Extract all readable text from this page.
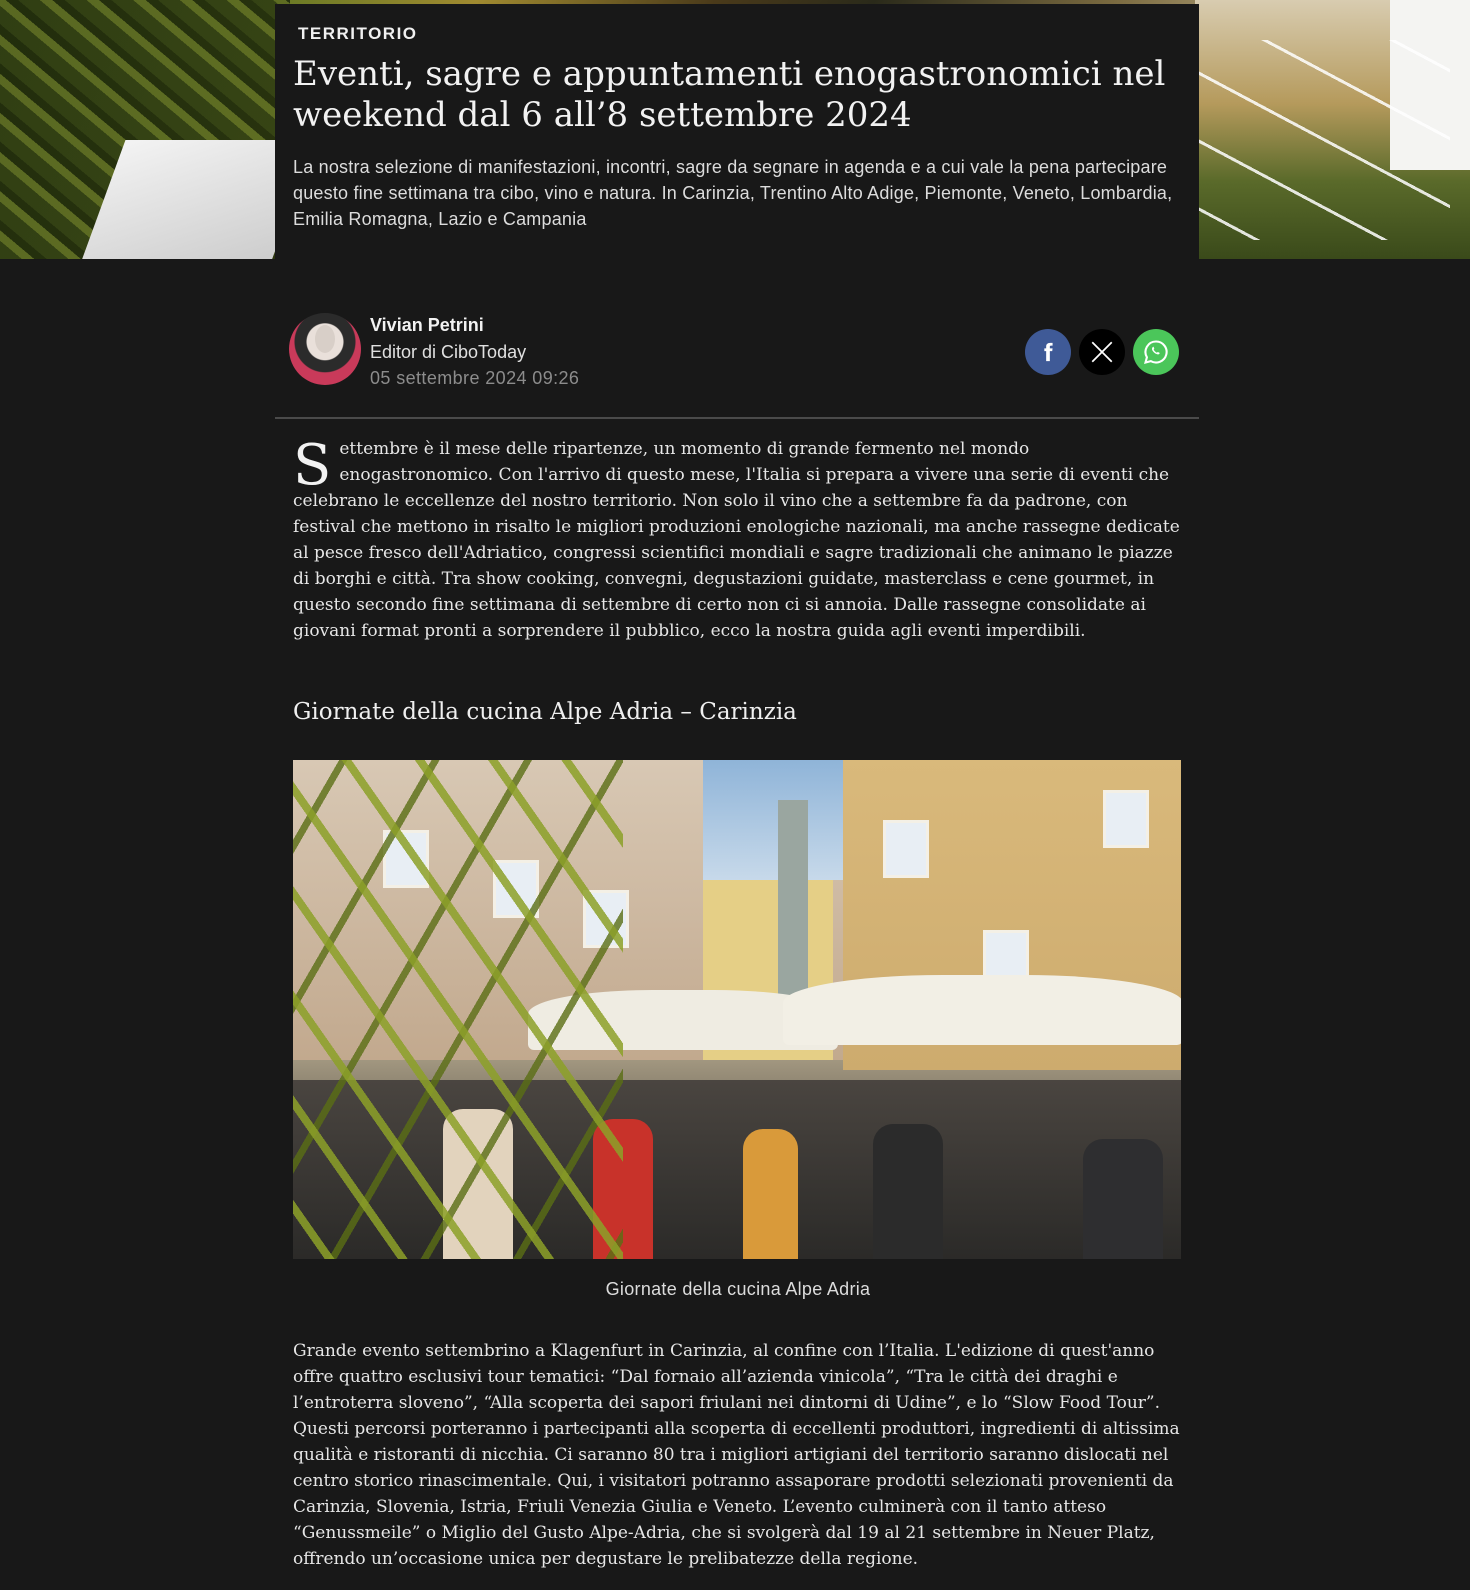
TERRITORIO
Eventi, sagre e appuntamenti enogastronomici nel weekend dal 6 all’8 settembre 2024

La nostra selezione di manifestazioni, incontri, sagre da segnare in agenda e a cui vale la pena partecipare questo fine settimana tra cibo, vino e natura. In Carinzia, Trentino Alto Adige, Piemonte, Veneto, Lombardia, Emilia Romagna, Lazio e Campania

Vivian Petrini
Editor di CiboToday
05 settembre 2024 09:26

Settembre è il mese delle ripartenze, un momento di grande fermento nel mondo enogastronomico. Con l'arrivo di questo mese, l'Italia si prepara a vivere una serie di eventi che celebrano le eccellenze del nostro territorio. Non solo il vino che a settembre fa da padrone, con festival che mettono in risalto le migliori produzioni enologiche nazionali, ma anche rassegne dedicate al pesce fresco dell'Adriatico, congressi scientifici mondiali e sagre tradizionali che animano le piazze di borghi e città. Tra show cooking, convegni, degustazioni guidate, masterclass e cene gourmet, in questo secondo fine settimana di settembre di certo non ci si annoia. Dalle rassegne consolidate ai giovani format pronti a sorprendere il pubblico, ecco la nostra guida agli eventi imperdibili.

Giornate della cucina Alpe Adria – Carinzia
Giornate della cucina Alpe Adria

Grande evento settembrino a Klagenfurt in Carinzia, al confine con l’Italia. L'edizione di quest'anno offre quattro esclusivi tour tematici: “Dal fornaio all’azienda vinicola”, “Tra le città dei draghi e l’entroterra sloveno”, “Alla scoperta dei sapori friulani nei dintorni di Udine”, e lo “Slow Food Tour”. Questi percorsi porteranno i partecipanti alla scoperta di eccellenti produttori, ingredienti di altissima qualità e ristoranti di nicchia. Ci saranno 80 tra i migliori artigiani del territorio saranno dislocati nel centro storico rinascimentale. Qui, i visitatori potranno assaporare prodotti selezionati provenienti da Carinzia, Slovenia, Istria, Friuli Venezia Giulia e Veneto. L’evento culminerà con il tanto atteso “Genussmeile” o Miglio del Gusto Alpe-Adria, che si svolgerà dal 19 al 21 settembre in Neuer Platz, offrendo un’occasione unica per degustare le prelibatezze della regione.
